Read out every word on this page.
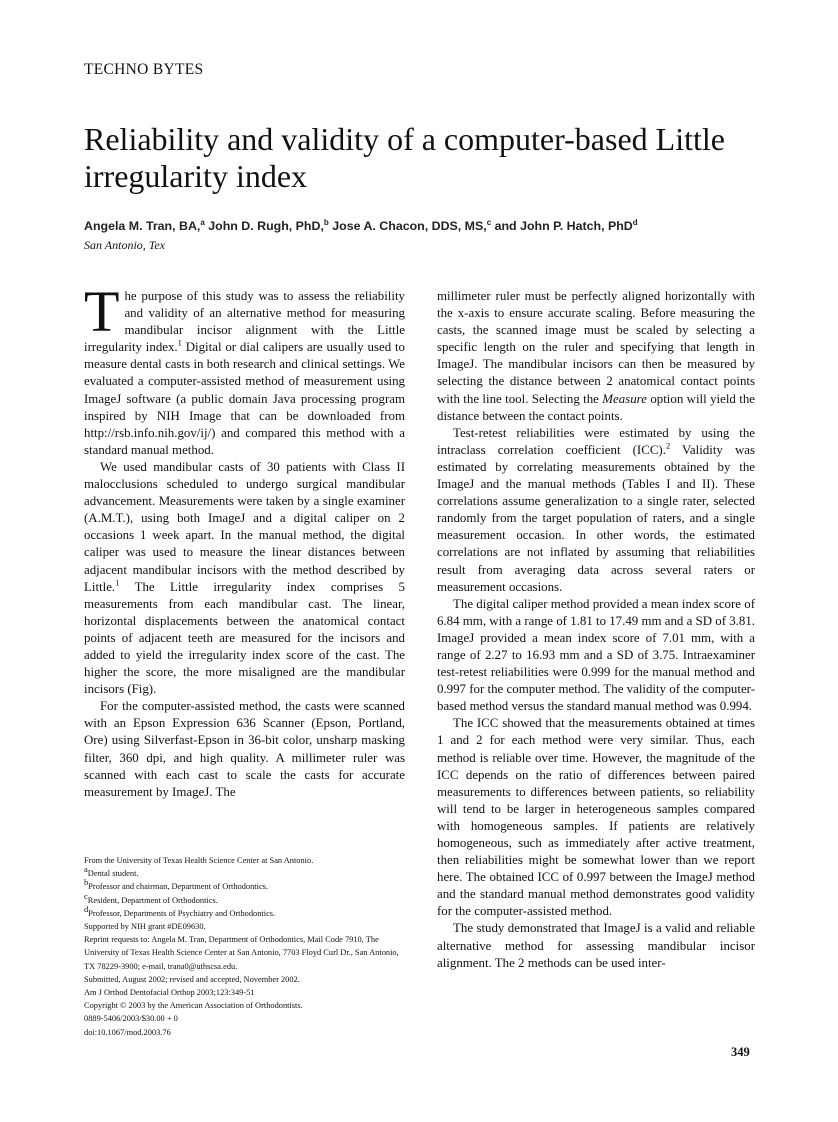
TECHNO BYTES
Reliability and validity of a computer-based Little irregularity index

Angela M. Tran, BA,$^a$ John D. Rugh, PhD,$^b$ Jose A. Chacon, DDS, MS,$^c$ and John P. Hatch, PhD$^d$

San Antonio, Tex

The purpose of this study was to assess the reliability and validity of an alternative method for measuring mandibular incisor alignment with the Little irregularity index.$^1$ Digital or dial calipers are usually used to measure dental casts in both research and clinical settings. We evaluated a computer-assisted method of measurement using ImageJ software (a public domain Java processing program inspired by NIH Image that can be downloaded from http://rsb.info.nih.gov/ij/) and compared this method with a standard manual method.

We used mandibular casts of 30 patients with Class II malocclusions scheduled to undergo surgical mandibular advancement. Measurements were taken by a single examiner (A.M.T.), using both ImageJ and a digital caliper on 2 occasions 1 week apart. In the manual method, the digital caliper was used to measure the linear distances between adjacent mandibular incisors with the method described by Little.$^1$ The Little irregularity index comprises 5 measurements from each mandibular cast. The linear, horizontal displacements between the anatomical contact points of adjacent teeth are measured for the incisors and added to yield the irregularity index score of the cast. The higher the score, the more misaligned are the mandibular incisors (Fig).

For the computer-assisted method, the casts were scanned with an Epson Expression 636 Scanner (Epson, Portland, Ore) using Silverfast-Epson in 36-bit color, unsharp masking filter, 360 dpi, and high quality. A millimeter ruler was scanned with each cast to scale the casts for accurate measurement by ImageJ. The

From the University of Texas Health Science Center at San Antonio.
$^a$Dental student.
$^b$Professor and chairman, Department of Orthodontics.
$^c$Resident, Department of Orthodontics.
$^d$Professor, Departments of Psychiatry and Orthodontics.
Supported by NIH grant #DE09630.
Reprint requests to: Angela M. Tran, Department of Orthodontics, Mail Code 7910, The University of Texas Health Science Center at San Antonio, 7703 Floyd Curl Dr., San Antonio, TX 78229-3900; e-mail, trana0@uthscsa.edu.
Submitted, August 2002; revised and accepted, November 2002.
Am J Orthod Dentofacial Orthop 2003;123:349-51
Copyright © 2003 by the American Association of Orthodontists.
0889-5406/2003/$30.00 + 0
doi:10.1067/mod.2003.76

millimeter ruler must be perfectly aligned horizontally with the x-axis to ensure accurate scaling. Before measuring the casts, the scanned image must be scaled by selecting a specific length on the ruler and specifying that length in ImageJ. The mandibular incisors can then be measured by selecting the distance between 2 anatomical contact points with the line tool. Selecting the Measure option will yield the distance between the contact points.

Test-retest reliabilities were estimated by using the intraclass correlation coefficient (ICC).$^2$ Validity was estimated by correlating measurements obtained by the ImageJ and the manual methods (Tables I and II). These correlations assume generalization to a single rater, selected randomly from the target population of raters, and a single measurement occasion. In other words, the estimated correlations are not inflated by assuming that reliabilities result from averaging data across several raters or measurement occasions.

The digital caliper method provided a mean index score of 6.84 mm, with a range of 1.81 to 17.49 mm and a SD of 3.81. ImageJ provided a mean index score of 7.01 mm, with a range of 2.27 to 16.93 mm and a SD of 3.75. Intraexaminer test-retest reliabilities were 0.999 for the manual method and 0.997 for the computer method. The validity of the computer-based method versus the standard manual method was 0.994.

The ICC showed that the measurements obtained at times 1 and 2 for each method were very similar. Thus, each method is reliable over time. However, the magnitude of the ICC depends on the ratio of differences between paired measurements to differences between patients, so reliability will tend to be larger in heterogeneous samples compared with homogeneous samples. If patients are relatively homogeneous, such as immediately after active treatment, then reliabilities might be somewhat lower than we report here. The obtained ICC of 0.997 between the ImageJ method and the standard manual method demonstrates good validity for the computer-assisted method.

The study demonstrated that ImageJ is a valid and reliable alternative method for assessing mandibular incisor alignment. The 2 methods can be used inter-

349
